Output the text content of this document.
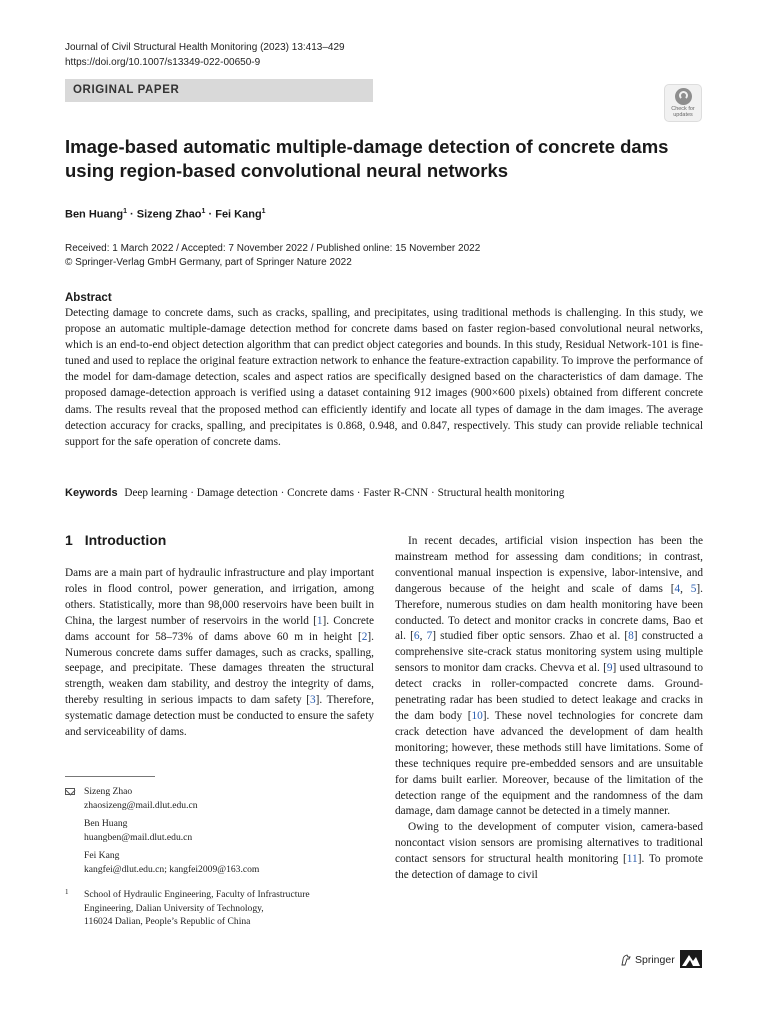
Journal of Civil Structural Health Monitoring (2023) 13:413–429
https://doi.org/10.1007/s13349-022-00650-9
ORIGINAL PAPER
Check for updates
Image-based automatic multiple-damage detection of concrete dams using region-based convolutional neural networks
Ben Huang$^1$ · Sizeng Zhao$^1$ · Fei Kang$^1$
Received: 1 March 2022 / Accepted: 7 November 2022 / Published online: 15 November 2022
© Springer-Verlag GmbH Germany, part of Springer Nature 2022
Abstract

Detecting damage to concrete dams, such as cracks, spalling, and precipitates, using traditional methods is challenging. In this study, we propose an automatic multiple-damage detection method for concrete dams based on faster region-based convolutional neural networks, which is an end-to-end object detection algorithm that can predict object categories and bounds. In this study, Residual Network-101 is fine-tuned and used to replace the original feature extraction network to enhance the feature-extraction capability. To improve the performance of the model for dam-damage detection, scales and aspect ratios are specifically designed based on the characteristics of dam damage. The proposed damage-detection approach is verified using a dataset containing 912 images (900×600 pixels) obtained from different concrete dams. The results reveal that the proposed method can efficiently identify and locate all types of damage in the dam images. The average detection accuracy for cracks, spalling, and precipitates is 0.868, 0.948, and 0.847, respectively. This study can provide reliable technical support for the safe operation of concrete dams.

Keywords Deep learning · Damage detection · Concrete dams · Faster R-CNN · Structural health monitoring
1 Introduction

Dams are a main part of hydraulic infrastructure and play important roles in flood control, power generation, and irrigation, among others. Statistically, more than 98,000 reservoirs have been built in China, the largest number of reservoirs in the world [1]. Concrete dams account for 58–73% of dams above 60 m in height [2]. Numerous concrete dams suffer damages, such as cracks, spalling, seepage, and precipitate. These damages threaten the structural strength, weaken dam stability, and destroy the integrity of dams, thereby resulting in serious impacts to dam safety [3]. Therefore, systematic damage detection must be conducted to ensure the safety and serviceability of dams.

In recent decades, artificial vision inspection has been the mainstream method for assessing dam conditions; in contrast, conventional manual inspection is expensive, labor-intensive, and dangerous because of the height and scale of dams [4, 5]. Therefore, numerous studies on dam health monitoring have been conducted. To detect and monitor cracks in concrete dams, Bao et al. [6, 7] studied fiber optic sensors. Zhao et al. [8] constructed a comprehensive site-crack status monitoring system using multiple sensors to monitor dam cracks. Chevva et al. [9] used ultrasound to detect cracks in roller-compacted concrete dams. Ground-penetrating radar has been studied to detect leakage and cracks in the dam body [10]. These novel technologies for concrete dam crack detection have advanced the development of dam health monitoring; however, these methods still have limitations. Some of these techniques require pre-embedded sensors and are unsuitable for dams built earlier. Moreover, because of the limitation of the detection range of the equipment and the randomness of the dam damage, dam damage cannot be detected in a timely manner.

Owing to the development of computer vision, camera-based noncontact vision sensors are promising alternatives to traditional contact sensors for structural health monitoring [11]. To promote the detection of damage to civil

Sizeng Zhao
zhaosizeng@mail.dlut.edu.cn
Ben Huang
huangben@mail.dlut.edu.cn
Fei Kang
kangfei@dlut.edu.cn; kangfei2009@163.com
1 School of Hydraulic Engineering, Faculty of Infrastructure
Engineering, Dalian University of Technology,
116024 Dalian, People’s Republic of China
Springer
